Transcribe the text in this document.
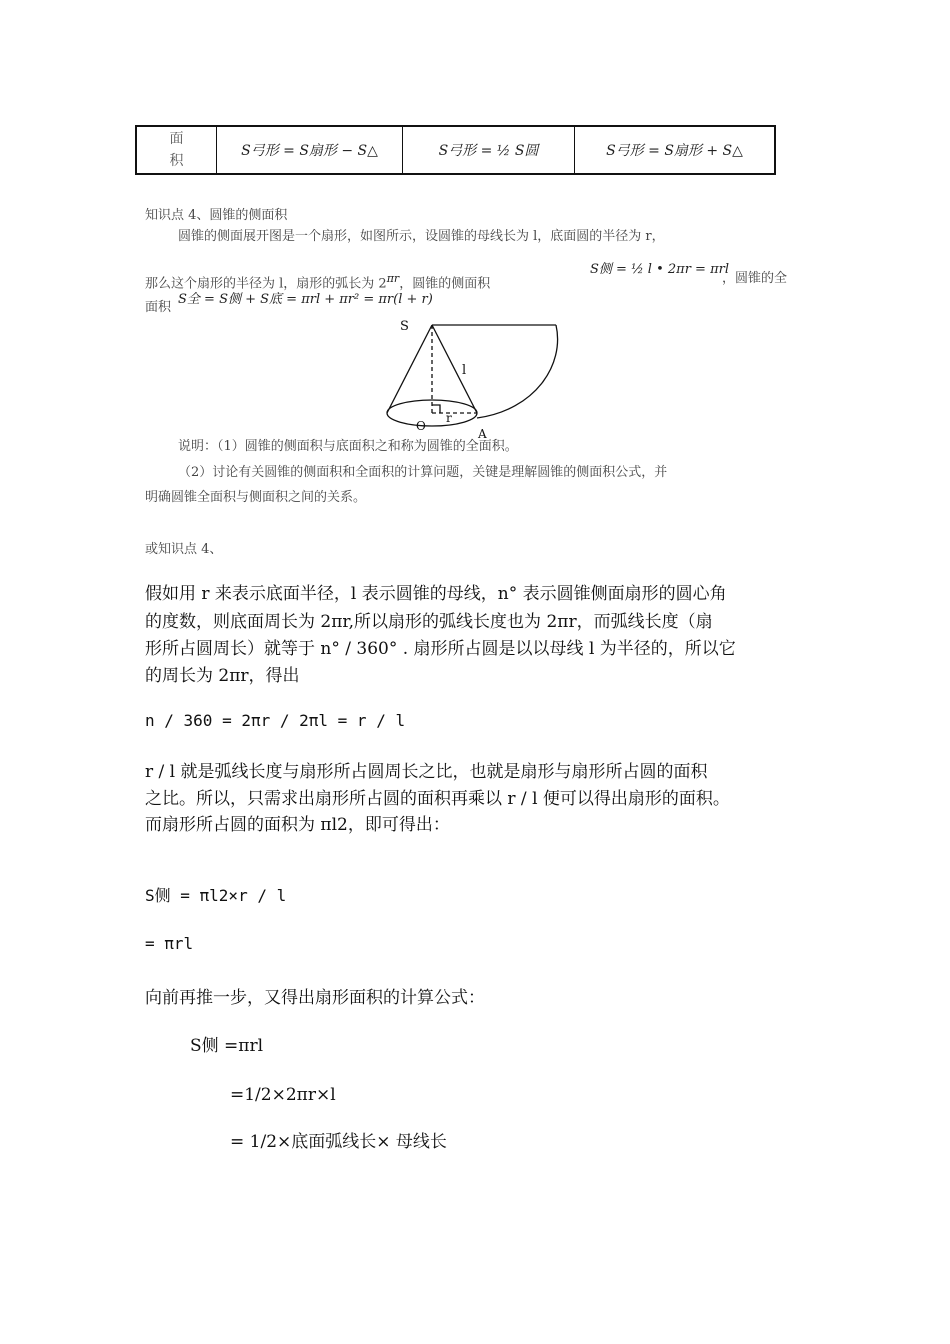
面
积
S弓形 = S扇形 − S△	S弓形 = ½ S圆	S弓形 = S扇形 + S△
知识点 4、圆锥的侧面积
圆锥的侧面展开图是一个扇形，如图所示，设圆锥的母线长为 l，底面圆的半径为 r，
那么这个扇形的半径为 l，扇形的弧长为 $2^{\pi r}$，圆锥的侧面积
S侧 = ½ l • 2πr = πrl
，圆锥的全
面积
S全 = S侧 + S底 = πrl + πr² = πr(l + r)
S
l
r
O
A
说明：（1）圆锥的侧面积与底面积之和称为圆锥的全面积。
（2）讨论有关圆锥的侧面积和全面积的计算问题，关键是理解圆锥的侧面积公式，并
明确圆锥全面积与侧面积之间的关系。
或知识点 4、
假如用 r 来表示底面半径，l 表示圆锥的母线，n° 表示圆锥侧面扇形的圆心角
的度数，则底面周长为 2πr,所以扇形的弧线长度也为 2πr，而弧线长度（扇
形所占圆周长）就等于 n° / 360° . 扇形所占圆是以以母线 l 为半径的，所以它
的周长为 2πr，得出
n / 360 = 2πr / 2πl = r / l
r / l 就是弧线长度与扇形所占圆周长之比，也就是扇形与扇形所占圆的面积
之比。所以，只需求出扇形所占圆的面积再乘以 r / l 便可以得出扇形的面积。
而扇形所占圆的面积为 πl2，即可得出：
S侧 = πl2×r / l
= πrl
向前再推一步，又得出扇形面积的计算公式：
S侧 =πrl
=1/2×2πr×l
= 1/2×底面弧线长× 母线长
